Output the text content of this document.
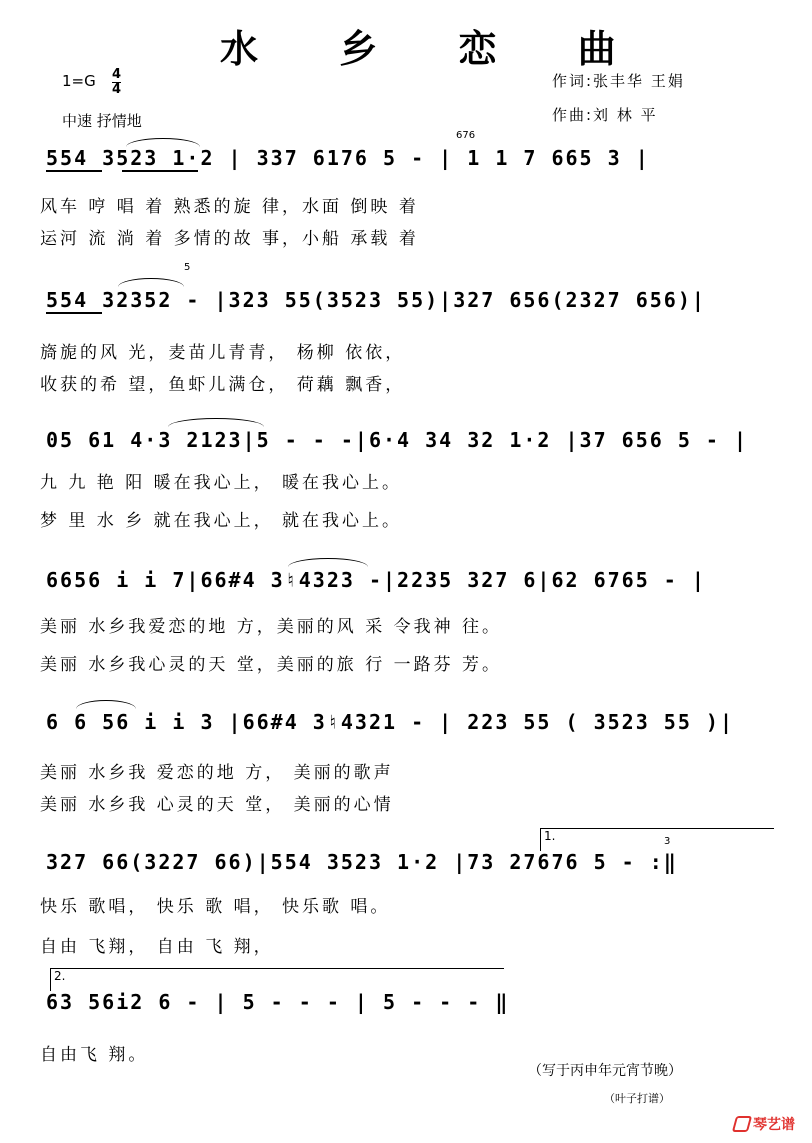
水 乡 恋 曲
1=G 4
4
中速 抒情地
作词:张丰华 王娟
作曲:刘 林 平
676
554 3523 1·2 | 337 6176 5 - | 1 1 7 665 3 |
风车 哼 唱 着 熟悉的旋 律，水面 倒映 着
运河 流 淌 着 多情的故 事，小船 承载 着
5
554 32352 - |323 55(3523 55)|327 656(2327 656)|
旖旎的风 光，麦苗儿青青， 杨柳 依依，
收获的希 望，鱼虾儿满仓， 荷藕 飘香，
05 61 4·3 2123|5 - - -|6·4 34 32 1·2 |37 656 5 - |
九 九 艳 阳 暖在我心上， 暖在我心上。
梦 里 水 乡 就在我心上， 就在我心上。
6656 i i 7|66#4 3♮4323 -|2235 327 6|62 6765 - |
美丽 水乡我爱恋的地 方，美丽的风 采 令我神 往。
美丽 水乡我心灵的天 堂，美丽的旅 行 一路芬 芳。
6 6 56 i i 3 |66#4 3♮4321 - | 223 55 ( 3523 55 )|
美丽 水乡我 爱恋的地 方， 美丽的歌声
美丽 水乡我 心灵的天 堂， 美丽的心情
1.	3
327 66(3227 66)|554 3523 1·2 |73 27676 5 - :‖
快乐 歌唱， 快乐 歌 唱， 快乐歌 唱。
自由 飞翔， 自由 飞 翔，
2.
63 56i2 6 - | 5 - - - | 5 - - - ‖
自由飞 翔。
（写于丙申年元宵节晚）
（叶子打谱）
琴艺谱
